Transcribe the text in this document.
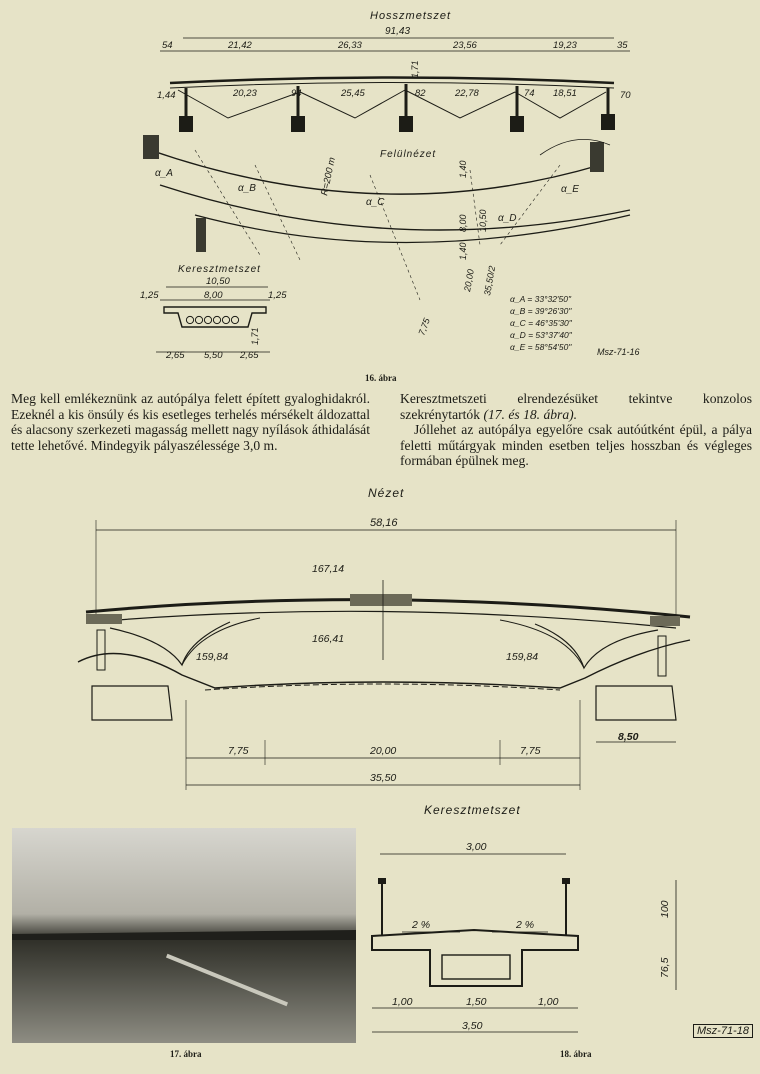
Hosszmetszet
91,43
54	21,42	26,33	23,56	19,23	35
1,71
1,44	20,23	94	25,45	82	22,78	74 18,51	70
Felülnézet
R=200 m
α_A
α_B
α_C
α_D
α_E
1,40
8,00 10,50
1,40
20,00 35,50/2
7,75
α_A = 33°32'50"
α_B = 39°26'30"
α_C = 46°35'30"
α_D = 53°37'40"
α_E = 58°54'50"	Msz-71-16
Keresztmetszet
10,50
1,25	8,00	1,25
1,71
2,65 5,50 2,65
16. ábra
Meg kell emlékeznünk az autópálya felett épített gyaloghidakról. Ezeknél a kis önsúly és kis esetleges terhelés mérsékelt áldozattal és alacsony szerkezeti magasság mellett nagy nyílások áthidalását tette lehetővé. Mindegyik pályaszélessége 3,0 m.
Keresztmetszeti elrendezésüket tekintve konzolos szekrénytartók (17. és 18. ábra).
Jóllehet az autópálya egyelőre csak autóútként épül, a pálya feletti műtárgyak minden esetben teljes hosszban és végleges formában épülnek meg.
Nézet
58,16
167,14
166,41
159,84	159,84
7,75	20,00	7,75
8,50
35,50
17. ábra
Keresztmetszet
3,00
2 %	2 %
100
76,5
1,00	1,50	1,00
3,50
18. ábra
Msz-71-18
